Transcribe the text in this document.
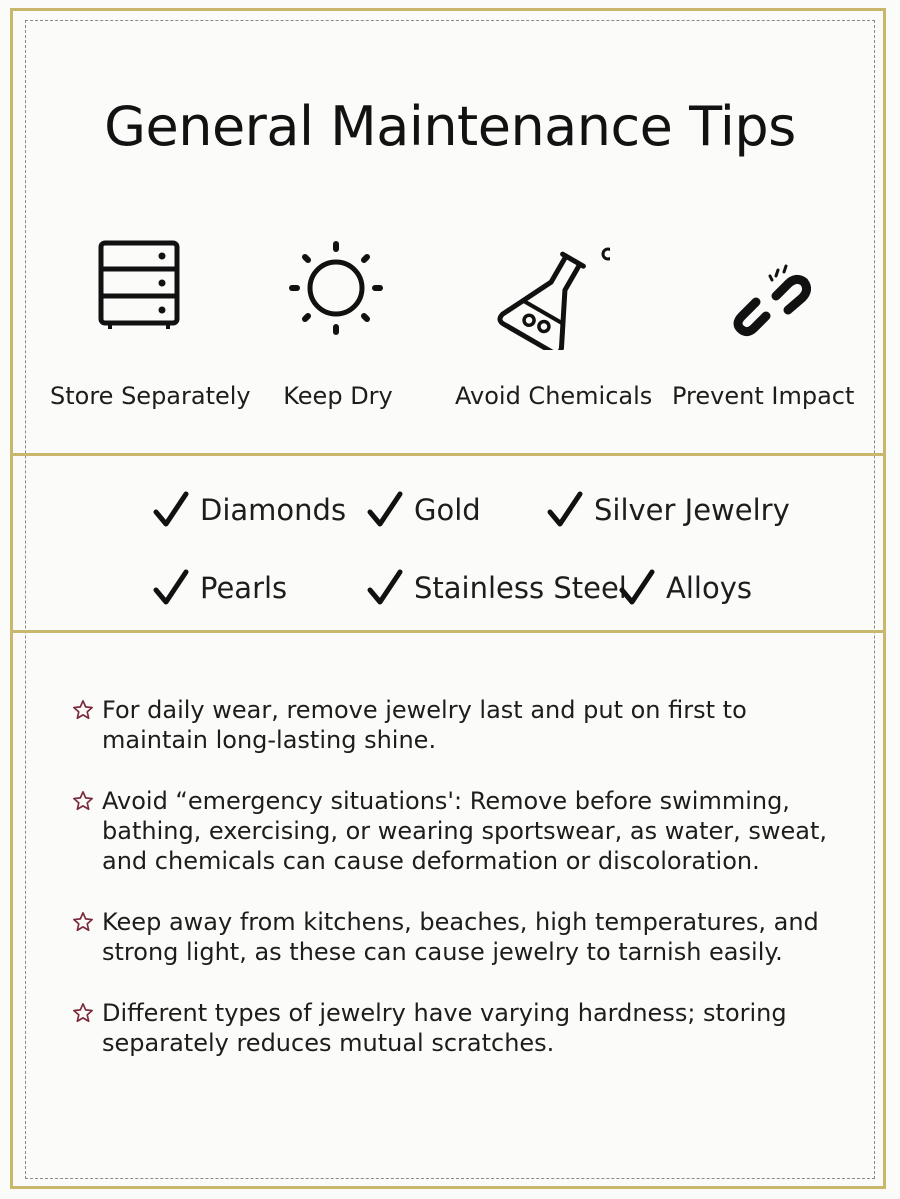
General Maintenance Tips
Store Separately	Keep Dry	Avoid Chemicals Prevent Impact
Diamonds Gold	Silver Jewelry
Pearls	Stainless Steel Alloys
For daily wear, remove jewelry last and put on first to maintain long-lasting shine.
Avoid “emergency situations': Remove before swimming, bathing, exercising, or wearing sportswear, as water, sweat, and chemicals can cause deformation or discoloration.
Keep away from kitchens, beaches, high temperatures, and strong light, as these can cause jewelry to tarnish easily.
Different types of jewelry have varying hardness; storing separately reduces mutual scratches.
